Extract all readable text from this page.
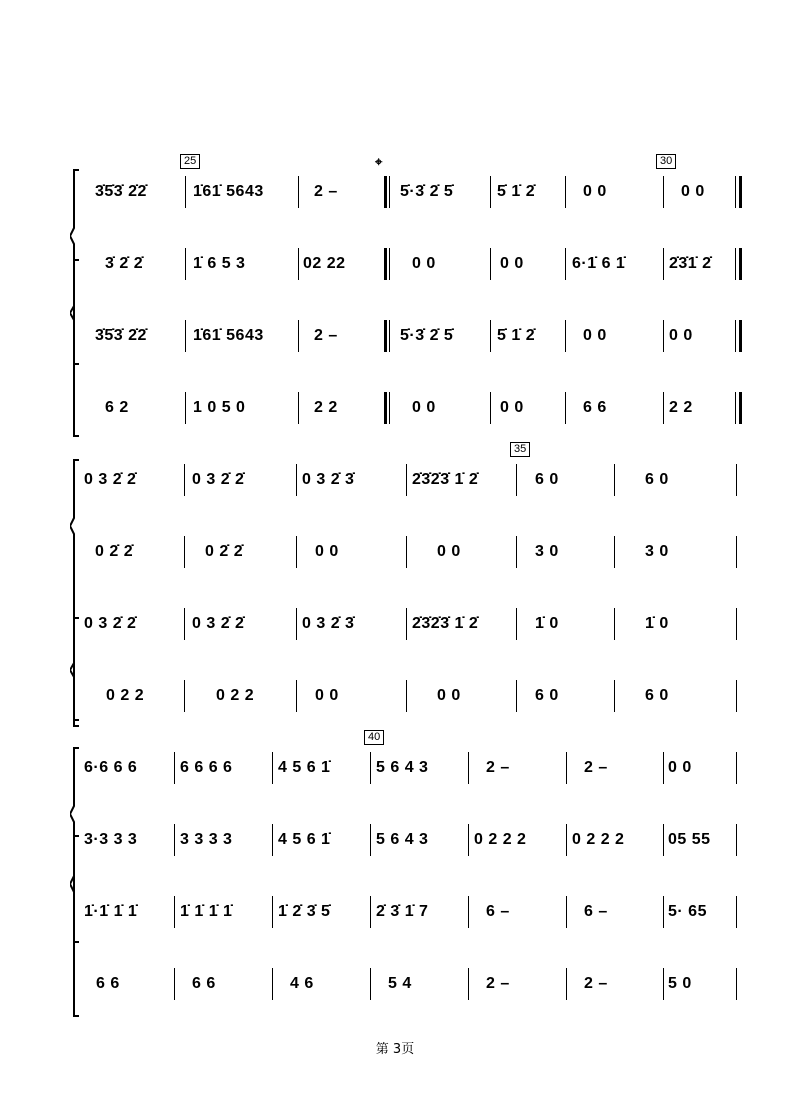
25	⌖	30
3̇5̇3̇ 2̇2̇	1̇61̇ 5643	2 –	5̇·3̇ 2̇ 5̇	5̇ 1̇ 2̇	0 0	0 0
3̇ 2̇ 2̇	1̇ 6 5 3	02 22	0 0	0 0	6·1̇ 6 1̇	2̇3̇1̇ 2̇
3̇5̇3̇ 2̇2̇	1̇61̇ 5643	2 –	5̇·3̇ 2̇ 5̇	5̇ 1̇ 2̇	0 0	0 0
6 2	1 0 5 0	2 2	0 0	0 0	6 6	2 2
35
0 3 2̇ 2̇	0 3 2̇ 2̇	0 3 2̇ 3̇	2̇3̇2̇3̇ 1̇ 2̇	6 0	6 0
0 2̇ 2̇	0 2̇ 2̇	0 0	0 0	3 0	3 0
0 3 2̇ 2̇	0 3 2̇ 2̇	0 3 2̇ 3̇	2̇3̇2̇3̇ 1̇ 2̇	1̇ 0	1̇ 0
0 2 2	0 2 2	0 0	0 0	6 0	6 0
40
6·6 6 6	6 6 6 6	4 5 6 1̇	5 6 4 3	2 –	2 –	0 0
3·3 3 3	3 3 3 3	4 5 6 1̇	5 6 4 3	0 2 2 2	0 2 2 2	05 55
1̇·1̇ 1̇ 1̇	1̇ 1̇ 1̇ 1̇	1̇ 2̇ 3̇ 5̇	2̇ 3̇ 1̇ 7	6 –	6 –	5· 65
6 6	6 6	4 6	5 4	2 –	2 –	5 0
第 3页
